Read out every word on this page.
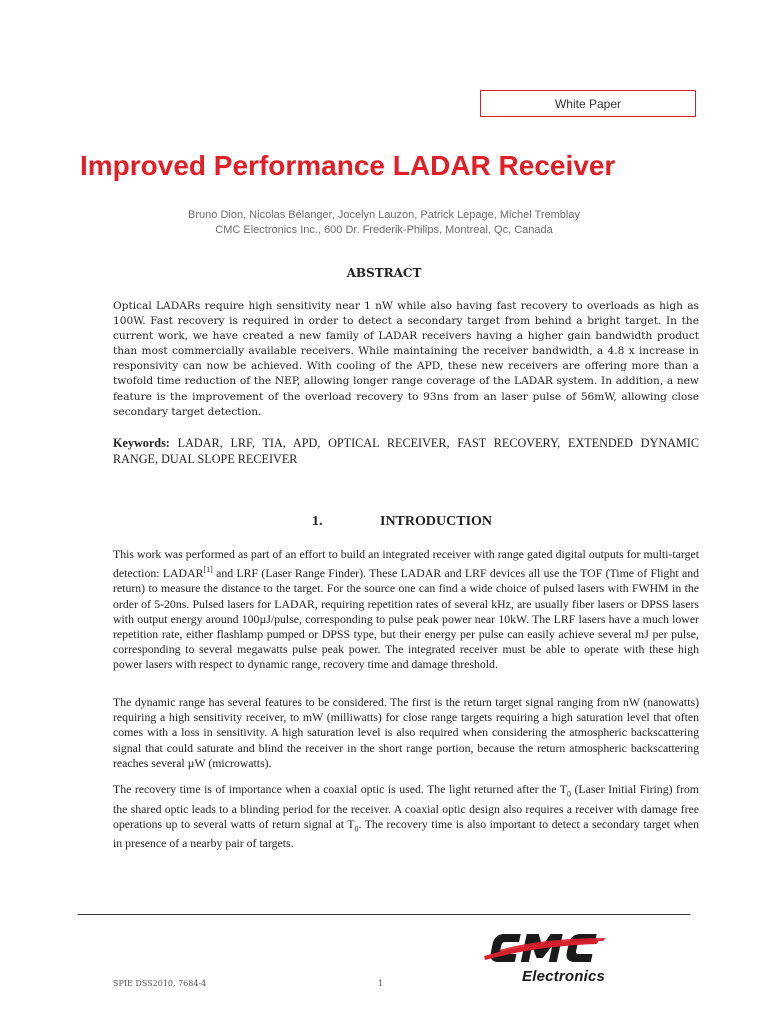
White Paper
Improved Performance LADAR Receiver
Bruno Dion, Nicolas Bélanger, Jocelyn Lauzon, Patrick Lepage, Michel Tremblay
CMC Electronics Inc., 600 Dr. Frederik-Philips, Montreal, Qc, Canada
ABSTRACT
Optical LADARs require high sensitivity near 1 nW while also having fast recovery to overloads as high as 100W. Fast recovery is required in order to detect a secondary target from behind a bright target. In the current work, we have created a new family of LADAR receivers having a higher gain bandwidth product than most commercially available receivers. While maintaining the receiver bandwidth, a 4.8 x increase in responsivity can now be achieved. With cooling of the APD, these new receivers are offering more than a twofold time reduction of the NEP, allowing longer range coverage of the LADAR system. In addition, a new feature is the improvement of the overload recovery to 93ns from an laser pulse of 56mW, allowing close secondary target detection.
Keywords: LADAR, LRF, TIA, APD, OPTICAL RECEIVER, FAST RECOVERY, EXTENDED DYNAMIC RANGE, DUAL SLOPE RECEIVER
1.	INTRODUCTION
This work was performed as part of an effort to build an integrated receiver with range gated digital outputs for multi-target detection: LADAR[1] and LRF (Laser Range Finder). These LADAR and LRF devices all use the TOF (Time of Flight and return) to measure the distance to the target. For the source one can find a wide choice of pulsed lasers with FWHM in the order of 5-20ns. Pulsed lasers for LADAR, requiring repetition rates of several kHz, are usually fiber lasers or DPSS lasers with output energy around 100µJ/pulse, corresponding to pulse peak power near 10kW. The LRF lasers have a much lower repetition rate, either flashlamp pumped or DPSS type, but their energy per pulse can easily achieve several mJ per pulse, corresponding to several megawatts pulse peak power. The integrated receiver must be able to operate with these high power lasers with respect to dynamic range, recovery time and damage threshold.
The dynamic range has several features to be considered. The first is the return target signal ranging from nW (nanowatts) requiring a high sensitivity receiver, to mW (milliwatts) for close range targets requiring a high saturation level that often comes with a loss in sensitivity. A high saturation level is also required when considering the atmospheric backscattering signal that could saturate and blind the receiver in the short range portion, because the return atmospheric backscattering reaches several µW (microwatts).
The recovery time is of importance when a coaxial optic is used. The light returned after the $T_0$ (Laser Initial Firing) from the shared optic leads to a blinding period for the receiver. A coaxial optic design also requires a receiver with damage free operations up to several watts of return signal at $T_0$. The recovery time is also important to detect a secondary target when in presence of a nearby pair of targets.
Electronics
SPIE DSS2010, 7684-4	1
